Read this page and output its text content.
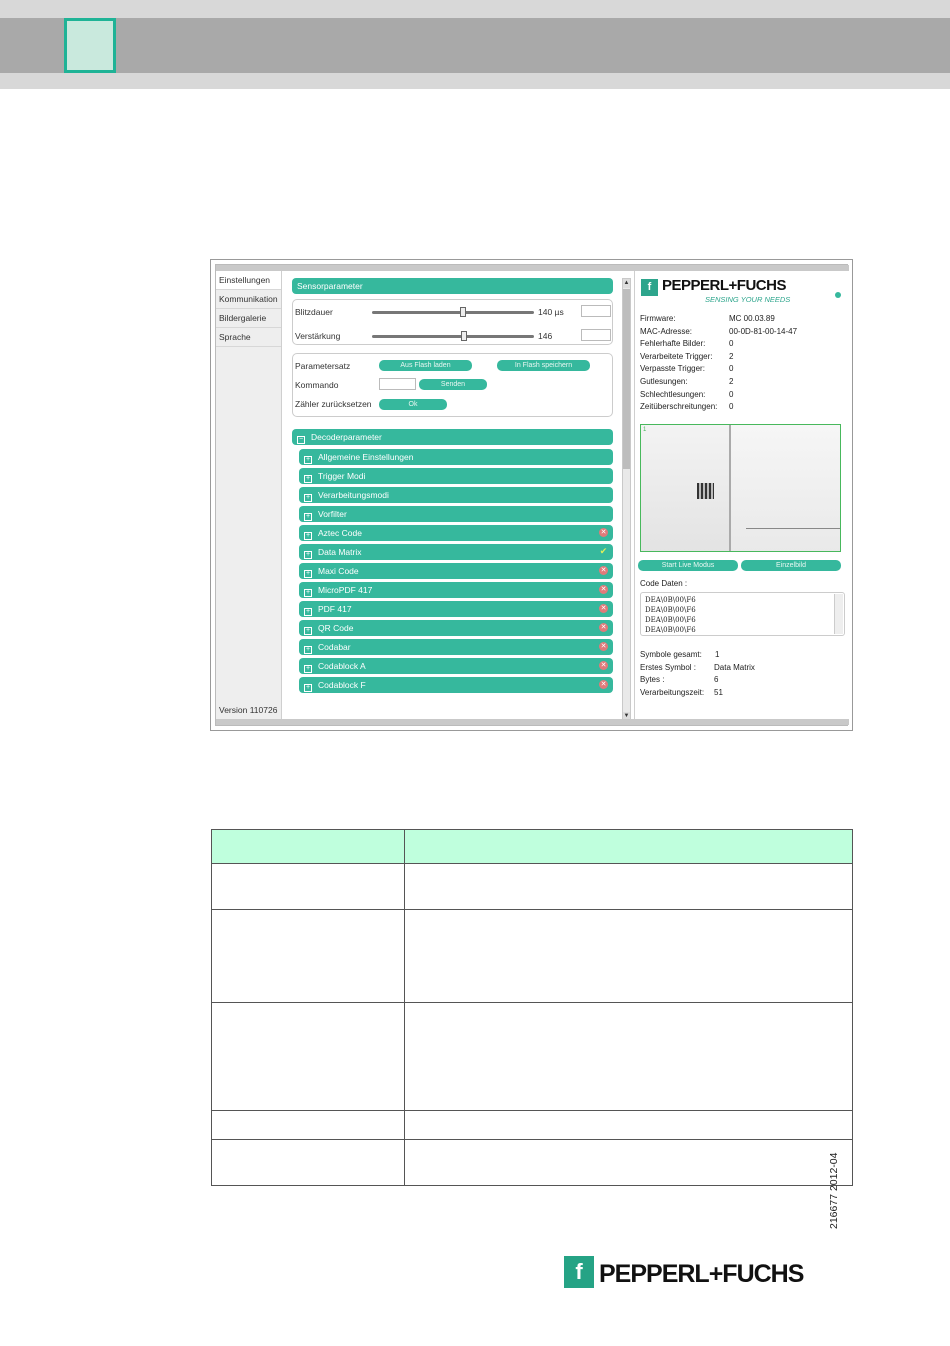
Einstellungen
Kommunikation
Bildergalerie
Sprache
Version 110726
Sensorparameter
Blitzdauer	140 µs
Verstärkung	146
Parametersatz	Aus Flash laden	In Flash speichern
Kommando	Senden
Zähler zurücksetzen	Ok
− Decoderparameter
+ Allgemeine Einstellungen
+ Trigger Modi
+ Verarbeitungsmodi
+ Vorfilter
+ Aztec Code	✕
+ Data Matrix	✔
+ Maxi Code	✕
+ MicroPDF 417	✕
+ PDF 417	✕
+ QR Code	✕
+ Codabar	✕
+ Codablock A	✕
+ Codablock F	✕
▲
▼
f PEPPERL+FUCHS
SENSING YOUR NEEDS
Firmware:	MC 00.03.89
MAC-Adresse:	00-0D-81-00-14-47
Fehlerhafte Bilder:	0
Verarbeitete Trigger: 2
Verpasste Trigger:	0
Gutlesungen:	2
Schlechtlesungen:	0
Zeitüberschreitungen: 0
1
Start Live Modus	Einzelbild
Code Daten :
DEA\0B\00\F6
DEA\0B\00\F6
DEA\0B\00\F6
DEA\0B\00\F6
Symbole gesamt: 1
Erstes Symbol : Data Matrix
Bytes :	6
Verarbeitungszeit: 51

216677 2012-04
f PEPPERL+FUCHS
